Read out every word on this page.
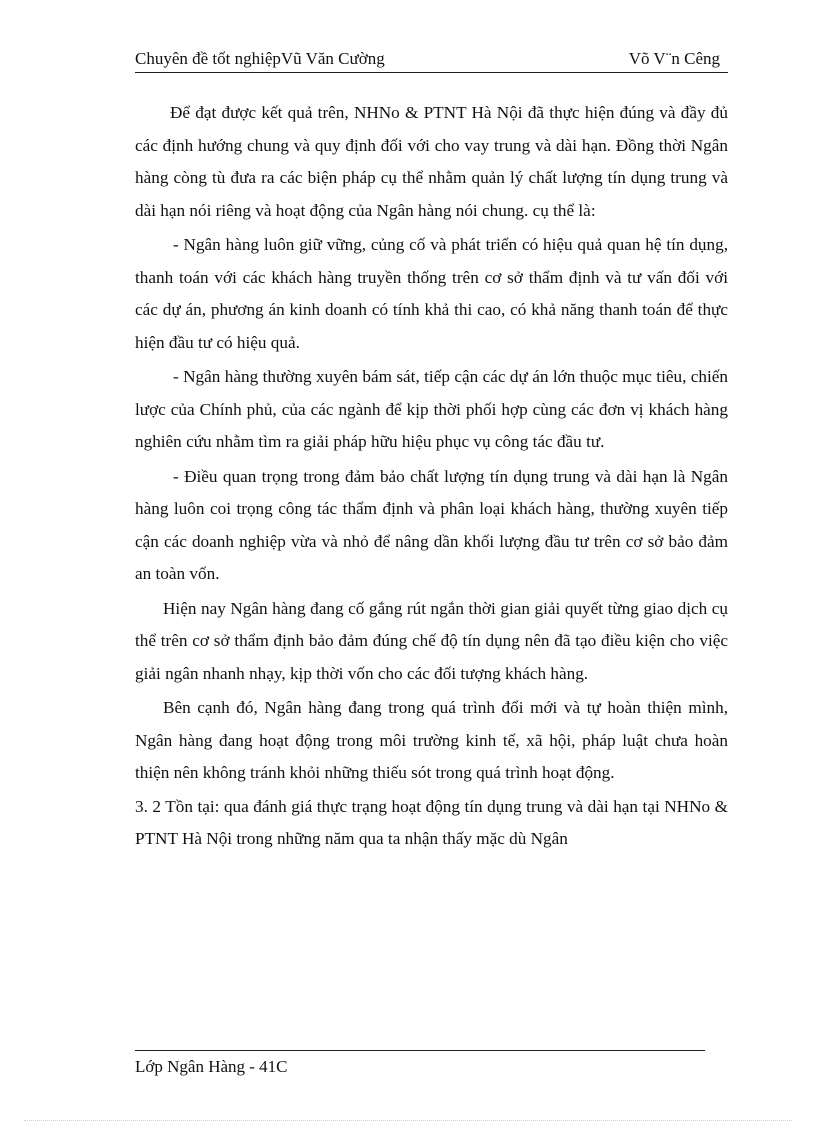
Chuyên đề tốt nghiệpVũ Văn Cường	Võ V¨n Cêng

Để đạt được kết quả trên, NHNo & PTNT Hà Nội đã thực hiện đúng và đầy đủ các định hướng chung và quy định đối với cho vay trung và dài hạn. Đồng thời Ngân hàng còng tù đưa ra các biện pháp cụ thể nhằm quản lý chất lượng tín dụng trung và dài hạn nói riêng và hoạt động của Ngân hàng nói chung. cụ thể là:

- Ngân hàng luôn giữ vững, củng cố và phát triển có hiệu quả quan hệ tín dụng, thanh toán với các khách hàng truyền thống trên cơ sở thẩm định và tư vấn đối với các dự án, phương án kinh doanh có tính khả thi cao, có khả năng thanh toán để thực hiện đầu tư có hiệu quả.

- Ngân hàng thường xuyên bám sát, tiếp cận các dự án lớn thuộc mục tiêu, chiến lược của Chính phủ, của các ngành để kịp thời phối hợp cùng các đơn vị khách hàng nghiên cứu nhằm tìm ra giải pháp hữu hiệu phục vụ công tác đầu tư.

- Điều quan trọng trong đảm bảo chất lượng tín dụng trung và dài hạn là Ngân hàng luôn coi trọng công tác thẩm định và phân loại khách hàng, thường xuyên tiếp cận các doanh nghiệp vừa và nhỏ để nâng dần khối lượng đầu tư trên cơ sở bảo đảm an toàn vốn.

Hiện nay Ngân hàng đang cố gắng rút ngắn thời gian giải quyết từng giao dịch cụ thể trên cơ sở thẩm định bảo đảm đúng chế độ tín dụng nên đã tạo điều kiện cho việc giải ngân nhanh nhạy, kịp thời vốn cho các đối tượng khách hàng.

Bên cạnh đó, Ngân hàng đang trong quá trình đổi mới và tự hoàn thiện mình, Ngân hàng đang hoạt động trong môi trường kinh tế, xã hội, pháp luật chưa hoàn thiện nên không tránh khỏi những thiếu sót trong quá trình hoạt động.

3. 2 Tồn tại: qua đánh giá thực trạng hoạt động tín dụng trung và dài hạn tại NHNo & PTNT Hà Nội trong những năm qua ta nhận thấy mặc dù Ngân

Lớp Ngân Hàng - 41C
